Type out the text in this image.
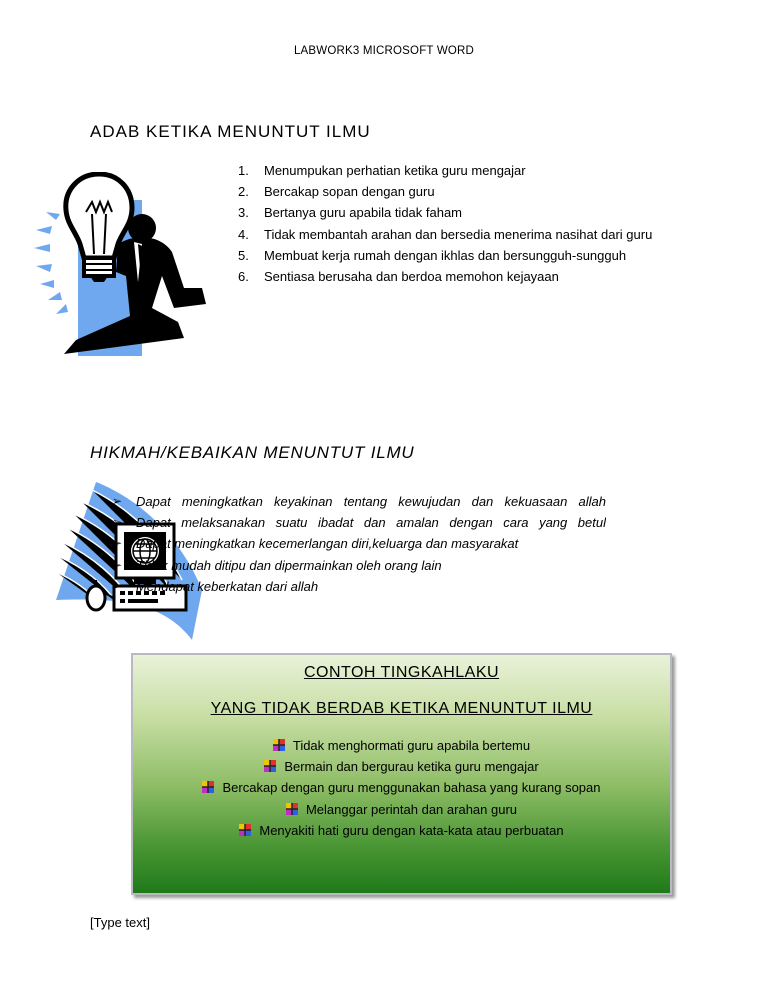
LABWORK3 MICROSOFT WORD
ADAB KETIKA MENUNTUT ILMU
1. Menumpukan perhatian ketika guru mengajar
2. Bercakap sopan dengan guru
3. Bertanya guru apabila tidak faham
4. Tidak membantah arahan dan bersedia menerima nasihat dari guru
5. Membuat kerja rumah dengan ikhlas dan bersungguh-sungguh
6. Sentiasa berusaha dan berdoa memohon kejayaan
HIKMAH/KEBAIKAN MENUNTUT ILMU
➢ Dapat meningkatkan keyakinan tentang kewujudan dan kekuasaan allah
➢ Dapat melaksanakan suatu ibadat dan amalan dengan cara yang betul
➢ Dapat meningkatkan kecemerlangan diri,keluarga dan masyarakat
➢ Tidak mudah ditipu dan dipermainkan oleh orang lain
➢ Mendapat keberkatan dari allah
CONTOH TINGKAHLAKU
YANG TIDAK BERDAB KETIKA MENUNTUT ILMU
Tidak menghormati guru apabila bertemu
Bermain dan bergurau ketika guru mengajar
Bercakap dengan guru menggunakan bahasa yang kurang sopan
Melanggar perintah dan arahan guru
Menyakiti hati guru dengan kata-kata atau perbuatan
[Type text]
